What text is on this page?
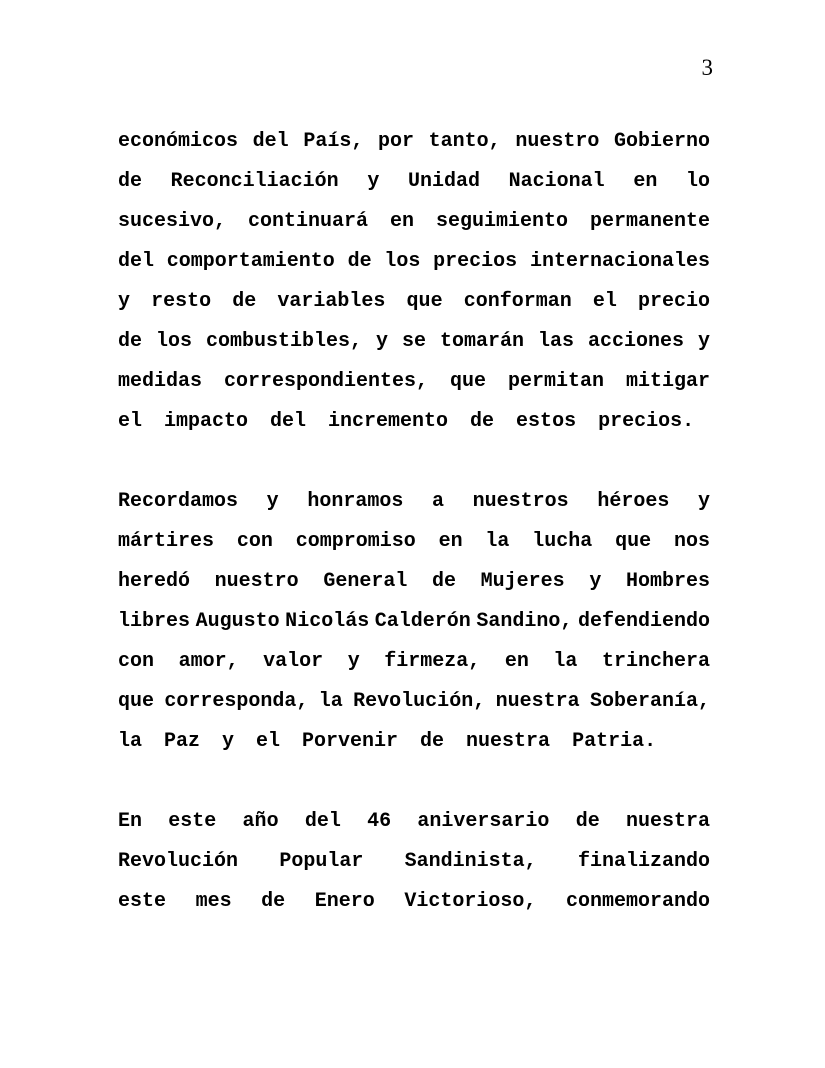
3
económicos del País, por tanto, nuestro Gobierno
de Reconciliación y Unidad Nacional en lo
sucesivo, continuará en seguimiento permanente
del comportamiento de los precios internacionales
y resto de variables que conforman el precio
de los combustibles, y se tomarán las acciones y
medidas correspondientes, que permitan mitigar
el impacto del incremento de estos precios.
Recordamos y honramos a nuestros héroes y
mártires con compromiso en la lucha que nos
heredó nuestro General de Mujeres y Hombres
libres Augusto Nicolás Calderón Sandino, defendiendo
con amor, valor y firmeza, en la trinchera
que corresponda, la Revolución, nuestra Soberanía,
la Paz y el Porvenir de nuestra Patria.
En este año del 46 aniversario de nuestra
Revolución Popular Sandinista, finalizando
este mes de Enero Victorioso, conmemorando
